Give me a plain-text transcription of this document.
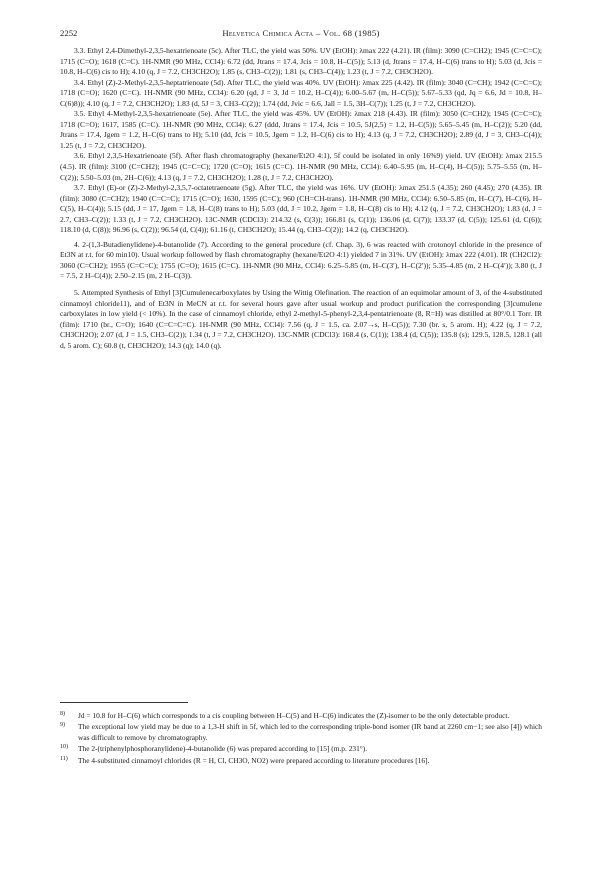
2252	Helvetica Chimica Acta – Vol. 68 (1985)

3.3. Ethyl 2,4-Dimethyl-2,3,5-hexatrienoate (5c). After TLC, the yield was 50%. UV (EtOH): λmax 222 (4.21). IR (film): 3090 (C=CH2); 1945 (C=C=C); 1715 (C=O); 1618 (C=C). 1H-NMR (90 MHz, CCl4): 6.72 (dd, Jtrans = 17.4, Jcis = 10.8, H–C(5)); 5.13 (d, Jtrans = 17.4, H–C(6) trans to H); 5.03 (d, Jcis = 10.8, H–C(6) cis to H); 4.10 (q, J = 7.2, CH3CH2O); 1.85 (s, CH3–C(2)); 1.81 (s, CH3–C(4)); 1.23 (t, J = 7.2, CH3CH2O).

3.4. Ethyl (Z)-2-Methyl-2,3,5-heptatrienoate (5d). After TLC, the yield was 40%. UV (EtOH): λmax 225 (4.42). IR (film): 3040 (C=CH); 1942 (C=C=C); 1718 (C=O); 1620 (C=C). 1H-NMR (90 MHz, CCl4): 6.20 (qd, J = 3, Jd = 10.2, H–C(4)); 6.00–5.67 (m, H–C(5)); 5.67–5.33 (qd, Jq = 6.6, Jd = 10.8, H–C(6)8)); 4.10 (q, J = 7.2, CH3CH2O); 1.83 (d, 5J = 3, CH3–C(2)); 1.74 (dd, Jvic = 6.6, Jall = 1.5, 3H–C(7)); 1.25 (t, J = 7.2, CH3CH2O).

3.5. Ethyl 4-Methyl-2,3,5-hexatrienoate (5e). After TLC, the yield was 45%. UV (EtOH): λmax 218 (4.43). IR (film): 3050 (C=CH2); 1945 (C=C=C); 1718 (C=O); 1617, 1585 (C=C). 1H-NMR (90 MHz, CCl4): 6.27 (ddd, Jtrans = 17.4, Jcis = 10.5, 5J(2,5) = 1.2, H–C(5)); 5.65–5.45 (m, H–C(2)); 5.20 (dd, Jtrans = 17.4, Jgem = 1.2, H–C(6) trans to H); 5.10 (dd, Jcis = 10.5, Jgem = 1.2, H–C(6) cis to H); 4.13 (q, J = 7.2, CH3CH2O); 2.89 (d, J = 3, CH3–C(4)); 1.25 (t, J = 7.2, CH3CH2O).

3.6. Ethyl 2,3,5-Hexatrienoate (5f). After flash chromatography (hexane/Et2O 4:1), 5f could be isolated in only 16%9) yield. UV (EtOH): λmax 215.5 (4.5). IR (film): 3100 (C=CH2); 1945 (C=C=C); 1720 (C=O); 1615 (C=C). 1H-NMR (90 MHz, CCl4): 6.40–5.95 (m, H–C(4), H–C(5)); 5.75–5.55 (m, H–C(2)); 5.50–5.03 (m, 2H–C(6)); 4.13 (q, J = 7.2, CH3CH2O); 1.28 (t, J = 7.2, CH3CH2O).

3.7. Ethyl (E)-or (Z)-2-Methyl-2,3,5,7-octatetraenoate (5g). After TLC, the yield was 16%. UV (EtOH): λmax 251.5 (4.35); 260 (4.45); 270 (4.35). IR (film): 3080 (C=CH2); 1940 (C=C=C); 1715 (C=O); 1630, 1595 (C=C); 960 (CH=CH-trans). 1H-NMR (90 MHz, CCl4): 6.50–5.85 (m, H–C(7), H–C(6), H–C(5), H–C(4)); 5.15 (dd, J = 17, Jgem = 1.8, H–C(8) trans to H); 5.03 (dd, J = 10.2, Jgem = 1.8, H–C(8) cis to H); 4.12 (q, J = 7.2, CH3CH2O); 1.83 (d, J = 2.7, CH3–C(2)); 1.33 (t, J = 7.2, CH3CH2O). 13C-NMR (CDCl3): 214.32 (s, C(3)); 166.81 (s, C(1)); 136.06 (d, C(7)); 133.37 (d, C(5)); 125.61 (d, C(6)); 118.10 (d, C(8)); 96.96 (s, C(2)); 96.54 (d, C(4)); 61.16 (t, CH3CH2O); 15.44 (q, CH3–C(2)); 14.2 (q, CH3CH2O).

4. 2-(1,3-Butadienylidene)-4-butanolide (7). According to the general procedure (cf. Chap. 3), 6 was reacted with crotonoyl chloride in the presence of Et3N at r.t. for 60 min10). Usual workup followed by flash chromatography (hexane/Et2O 4:1) yielded 7 in 31%. UV (EtOH): λmax 222 (4.01). IR (CH2Cl2): 3060 (C=CH2); 1955 (C=C=C); 1755 (C=O); 1615 (C=C). 1H-NMR (90 MHz, CCl4): 6.25–5.85 (m, H–C(3′), H–C(2′)); 5.35–4.85 (m, 2 H–C(4′)); 3.80 (t, J = 7.5, 2 H–C(4)); 2.50–2.15 (m, 2 H–C(3)).

5. Attempted Synthesis of Ethyl [3]Cumulenecarboxylates by Using the Wittig Olefination. The reaction of an equimolar amount of 3, of the 4-substituted cinnamoyl chloride11), and of Et3N in MeCN at r.t. for several hours gave after usual workup and product purification the corresponding [3]cumulene carboxylates in low yield (< 10%). In the case of cinnamoyl chloride, ethyl 2-methyl-5-phenyl-2,3,4-pentatrienoate (8, R=H) was distilled at 80°/0.1 Torr. IR (film): 1710 (br., C=O); 1640 (C=C=C=C). 1H-NMR (90 MHz, CCl4): 7.56 (q, J = 1.5, ca. 2.07→s, H–C(5)); 7.30 (br. s, 5 arom. H); 4.22 (q, J = 7.2, CH3CH2O); 2.07 (d, J = 1.5, CH3–C(2)); 1.34 (t, J = 7.2, CH3CH2O). 13C-NMR (CDCl3): 168.4 (s, C(1)); 138.4 (d, C(5)); 135.8 (s); 129.5, 128.5, 128.1 (all d, 5 arom. C); 60.8 (t, CH3CH2O); 14.3 (q); 14.0 (q).

8) Jd = 10.8 for H–C(6) which corresponds to a cis coupling between H–C(5) and H–C(6) indicates the (Z)-isomer to be the only detectable product.
9) The exceptional low yield may be due to a 1,3-H shift in 5f, which led to the corresponding triple-bond isomer (IR band at 2260 cm−1; see also [4]) which was difficult to remove by chromatography.
10) The 2-(triphenylphosphoranylidene)-4-butanolide (6) was prepared according to [15] (m.p. 231°).
11) The 4-substituted cinnamoyl chlorides (R = H, Cl, CH3O, NO2) were prepared according to literature procedures [16].
